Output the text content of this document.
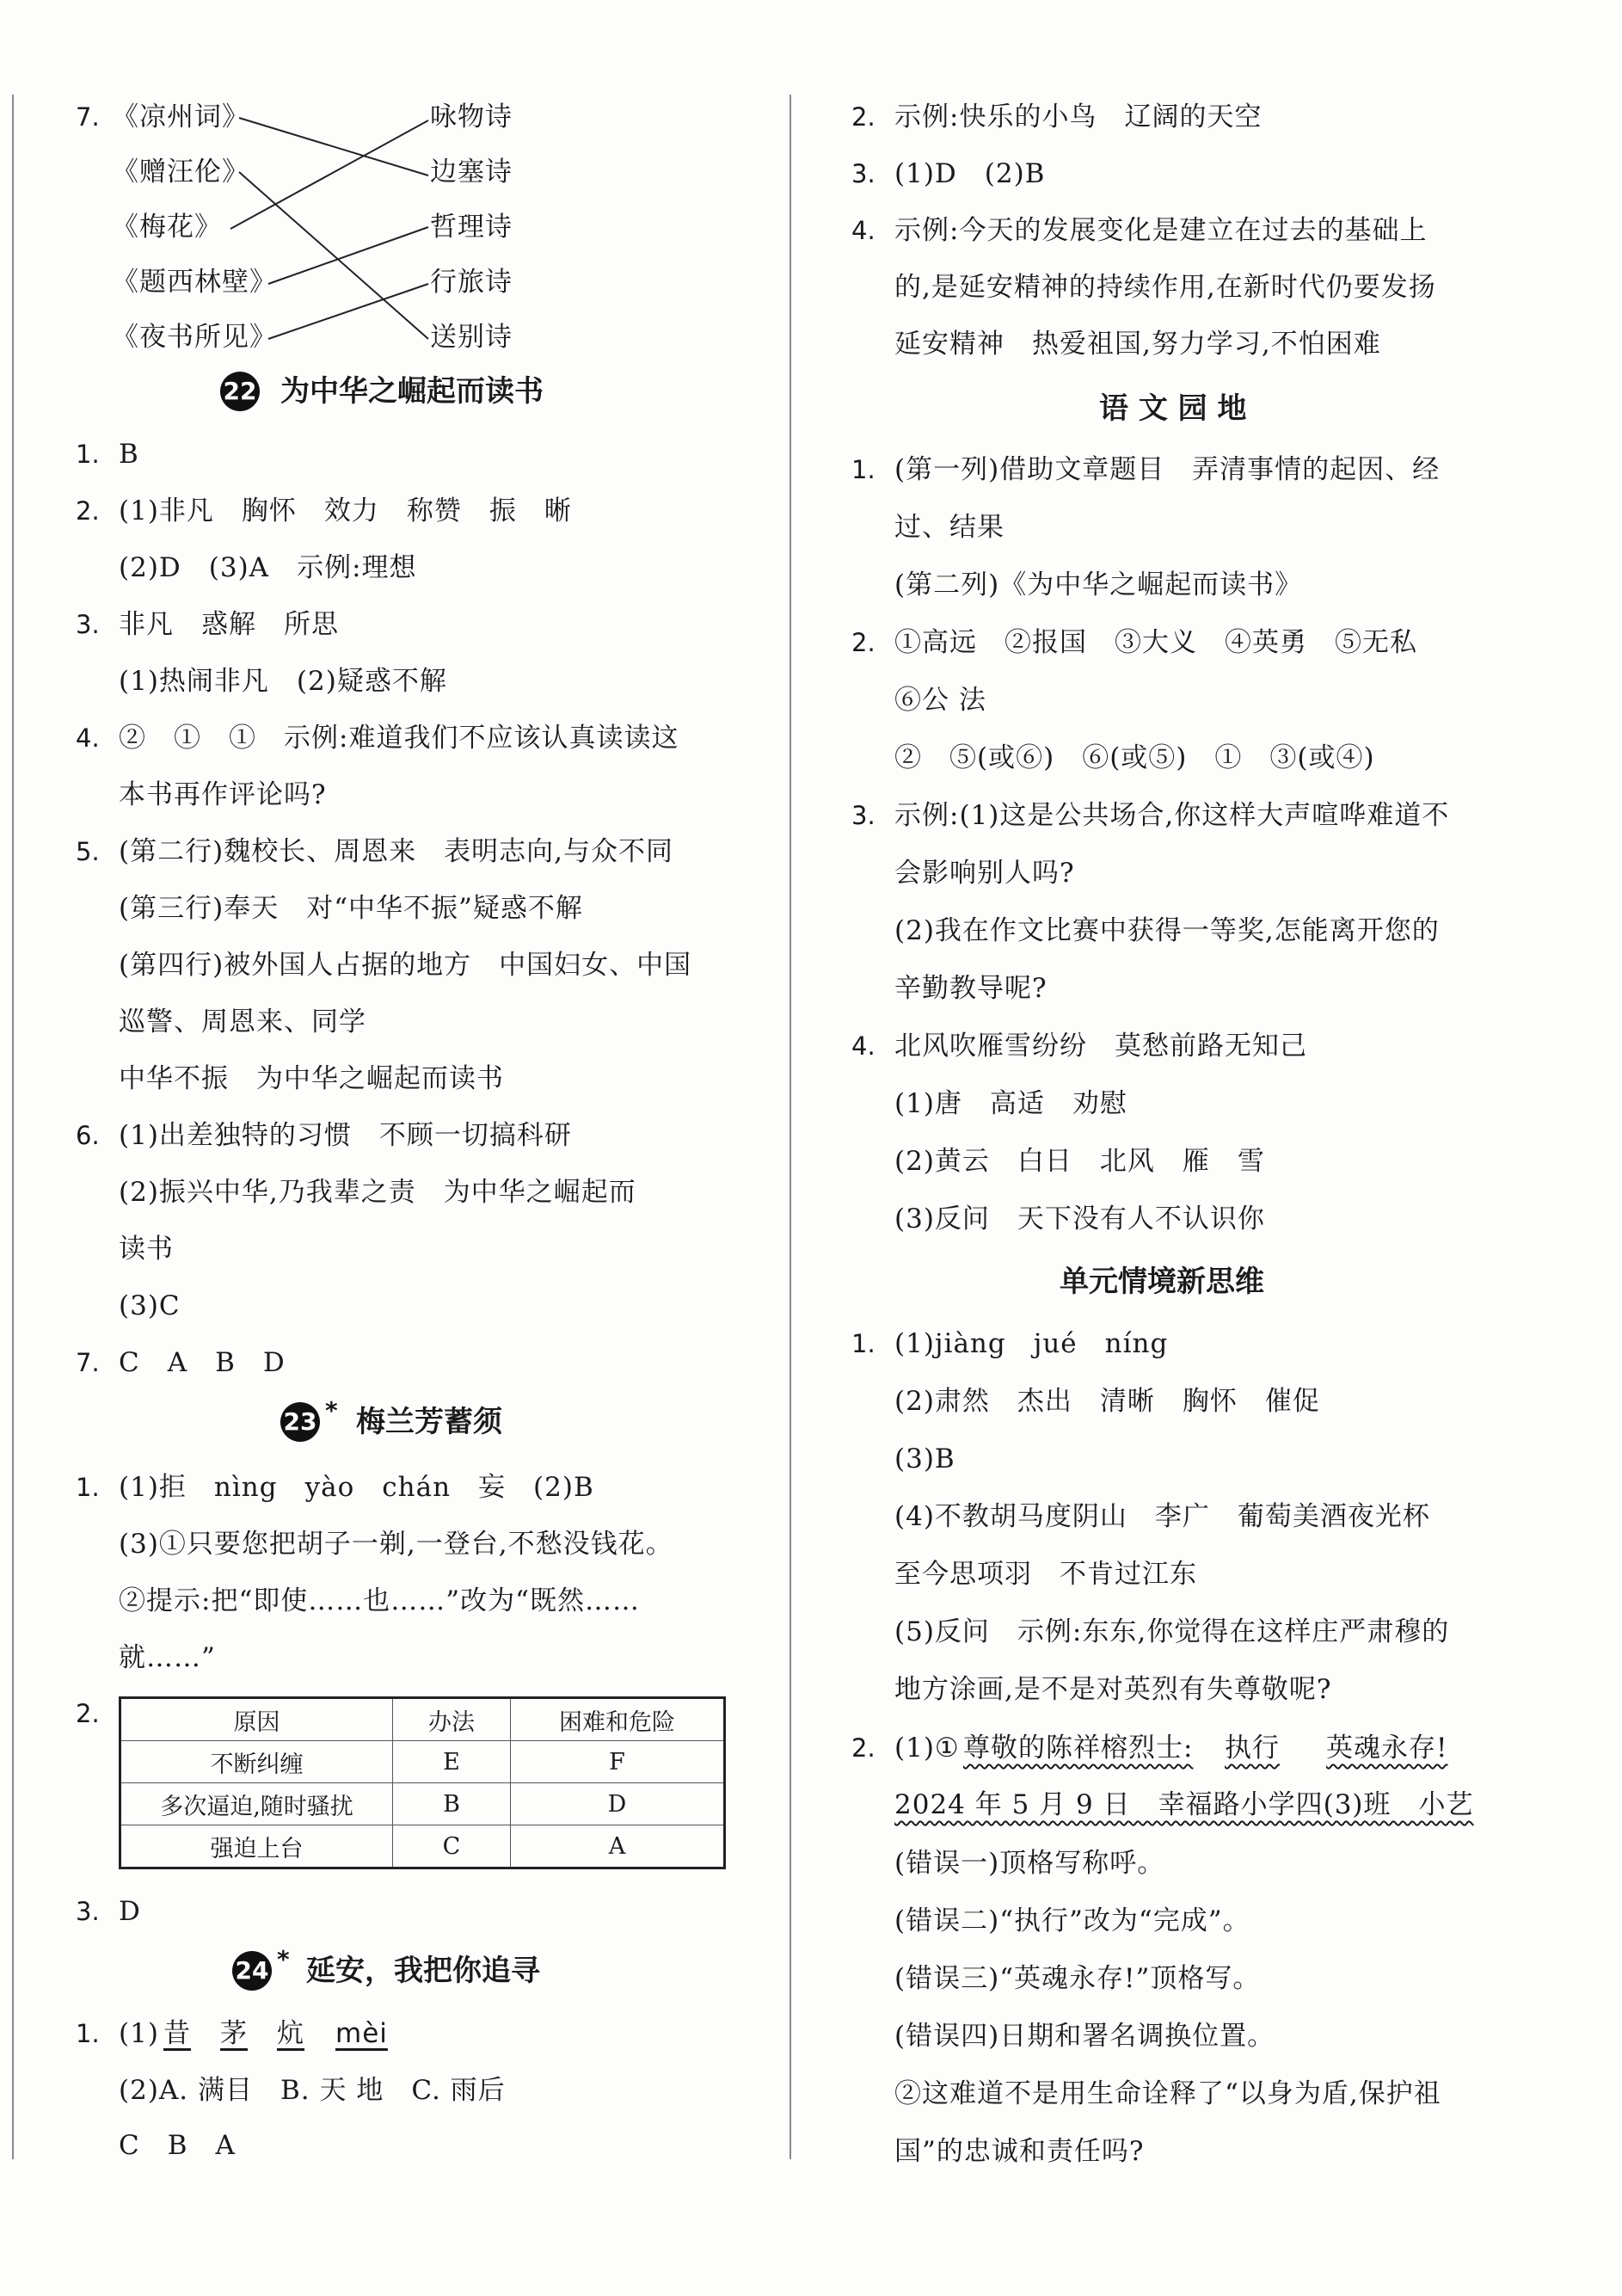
7. 《凉州词》
《赠汪伦》
《梅花》
《题西林壁》
《夜书所见》
咏物诗
边塞诗
哲理诗
行旅诗
送别诗
22 为中华之崛起而读书
1. B
2. (1)非凡　胸怀　效力　称赞　振　晰
(2)D　(3)A　示例:理想
3. 非凡　惑解　所思
(1)热闹非凡　(2)疑惑不解
4. ②　①　①　示例:难道我们不应该认真读读这
本书再作评论吗?
5. (第二行)魏校长、周恩来　表明志向,与众不同
(第三行)奉天　对“中华不振”疑惑不解
(第四行)被外国人占据的地方　中国妇女、中国
巡警、周恩来、同学
中华不振　为中华之崛起而读书
6. (1)出差独特的习惯　不顾一切搞科研
(2)振兴中华,乃我辈之责　为中华之崛起而
读书
(3)C
7. C　A　B　D
23 * 梅兰芳蓄须
1. (1)拒　nìng　yào　chán　妄　(2)B
(3)①只要您把胡子一剃,一登台,不愁没钱花。
②提示:把“即使……也……”改为“既然……
就……”
2.	原因	办法	困难和危险
不断纠缠	E	F
多次逼迫,随时骚扰	B	D
强迫上台	C	A
3. D
24 * 延安，我把你追寻
1. (1) 昔 茅 炕 mèi
(2)A. 满目　B. 天 地　C. 雨后
C　B　A
2. 示例:快乐的小鸟　辽阔的天空
3. (1)D　(2)B
4. 示例:今天的发展变化是建立在过去的基础上
的,是延安精神的持续作用,在新时代仍要发扬
延安精神　热爱祖国,努力学习,不怕困难
语 文 园 地
1. (第一列)借助文章题目　弄清事情的起因、经
过、结果
(第二列)《为中华之崛起而读书》
2. ①高远　②报国　③大义　④英勇　⑤无私
⑥公 法
②　⑤(或⑥)　⑥(或⑤)　①　③(或④)
3. 示例:(1)这是公共场合,你这样大声喧哗难道不
会影响别人吗?
(2)我在作文比赛中获得一等奖,怎能离开您的
辛勤教导呢?
4. 北风吹雁雪纷纷　莫愁前路无知己
(1)唐　高适　劝慰
(2)黄云　白日　北风　雁　雪
(3)反问　天下没有人不认识你
单元情境新思维
1. (1)jiàng　jué　níng
(2)肃然　杰出　清晰　胸怀　催促
(3)B
(4)不教胡马度阴山　李广　葡萄美酒夜光杯
至今思项羽　不肯过江东
(5)反问　示例:东东,你觉得在这样庄严肃穆的
地方涂画,是不是对英烈有失尊敬呢?
2. (1)① 尊敬的陈祥榕烈士: 执行 英魂永存!
2024 年 5 月 9 日　幸福路小学四(3)班　小艺
(错误一)顶格写称呼。
(错误二)“执行”改为“完成”。
(错误三)“英魂永存!”顶格写。
(错误四)日期和署名调换位置。
②这难道不是用生命诠释了“以身为盾,保护祖
国”的忠诚和责任吗?
